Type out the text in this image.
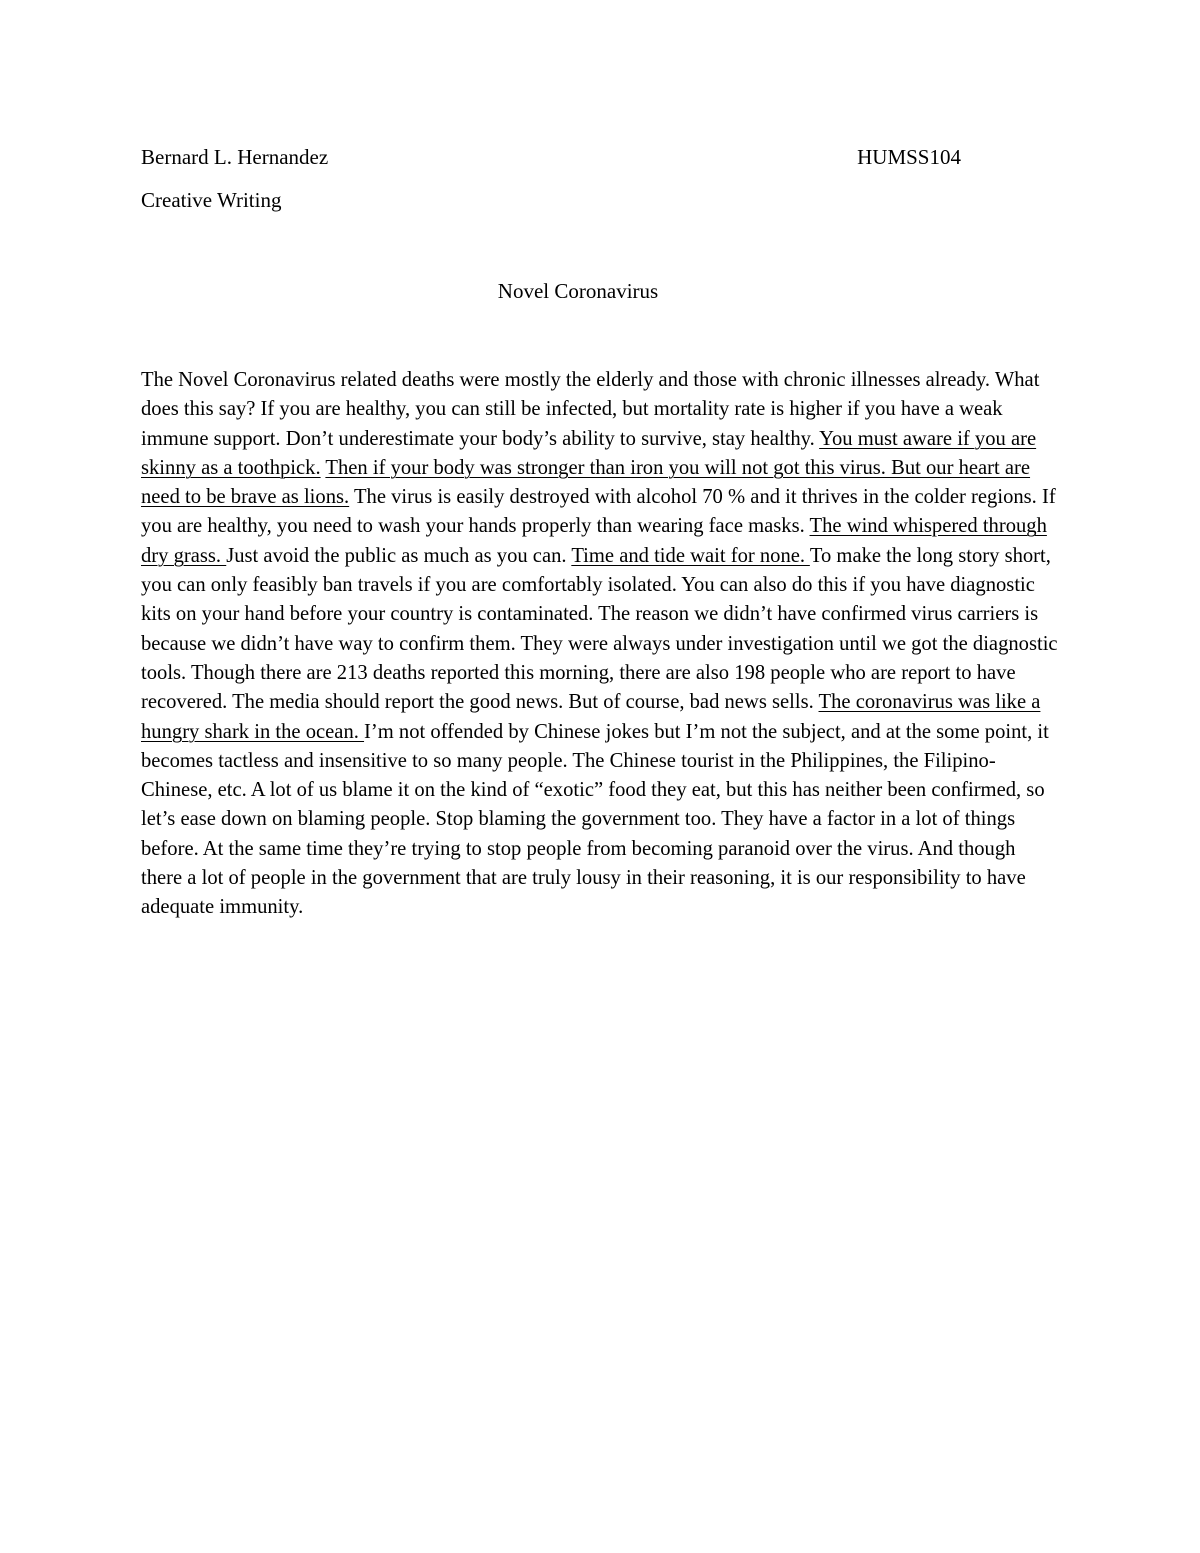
Bernard L. Hernandez	HUMSS104
Creative Writing
Novel Coronavirus
The Novel Coronavirus related deaths were mostly the elderly and those with chronic illnesses already. What does this say? If you are healthy, you can still be infected, but mortality rate is higher if you have a weak immune support. Don’t underestimate your body’s ability to survive, stay healthy. You must aware if you are skinny as a toothpick. Then if your body was stronger than iron you will not got this virus. But our heart are need to be brave as lions. The virus is easily destroyed with alcohol 70 % and it thrives in the colder regions. If you are healthy, you need to wash your hands properly than wearing face masks. The wind whispered through dry grass. Just avoid the public as much as you can. Time and tide wait for none. To make the long story short, you can only feasibly ban travels if you are comfortably isolated. You can also do this if you have diagnostic kits on your hand before your country is contaminated. The reason we didn’t have confirmed virus carriers is because we didn’t have way to confirm them. They were always under investigation until we got the diagnostic tools. Though there are 213 deaths reported this morning, there are also 198 people who are report to have recovered. The media should report the good news. But of course, bad news sells. The coronavirus was like a hungry shark in the ocean. I’m not offended by Chinese jokes but I’m not the subject, and at the some point, it becomes tactless and insensitive to so many people. The Chinese tourist in the Philippines, the Filipino-Chinese, etc. A lot of us blame it on the kind of “exotic” food they eat, but this has neither been confirmed, so let’s ease down on blaming people. Stop blaming the government too. They have a factor in a lot of things before. At the same time they’re trying to stop people from becoming paranoid over the virus. And though there a lot of people in the government that are truly lousy in their reasoning, it is our responsibility to have adequate immunity.
